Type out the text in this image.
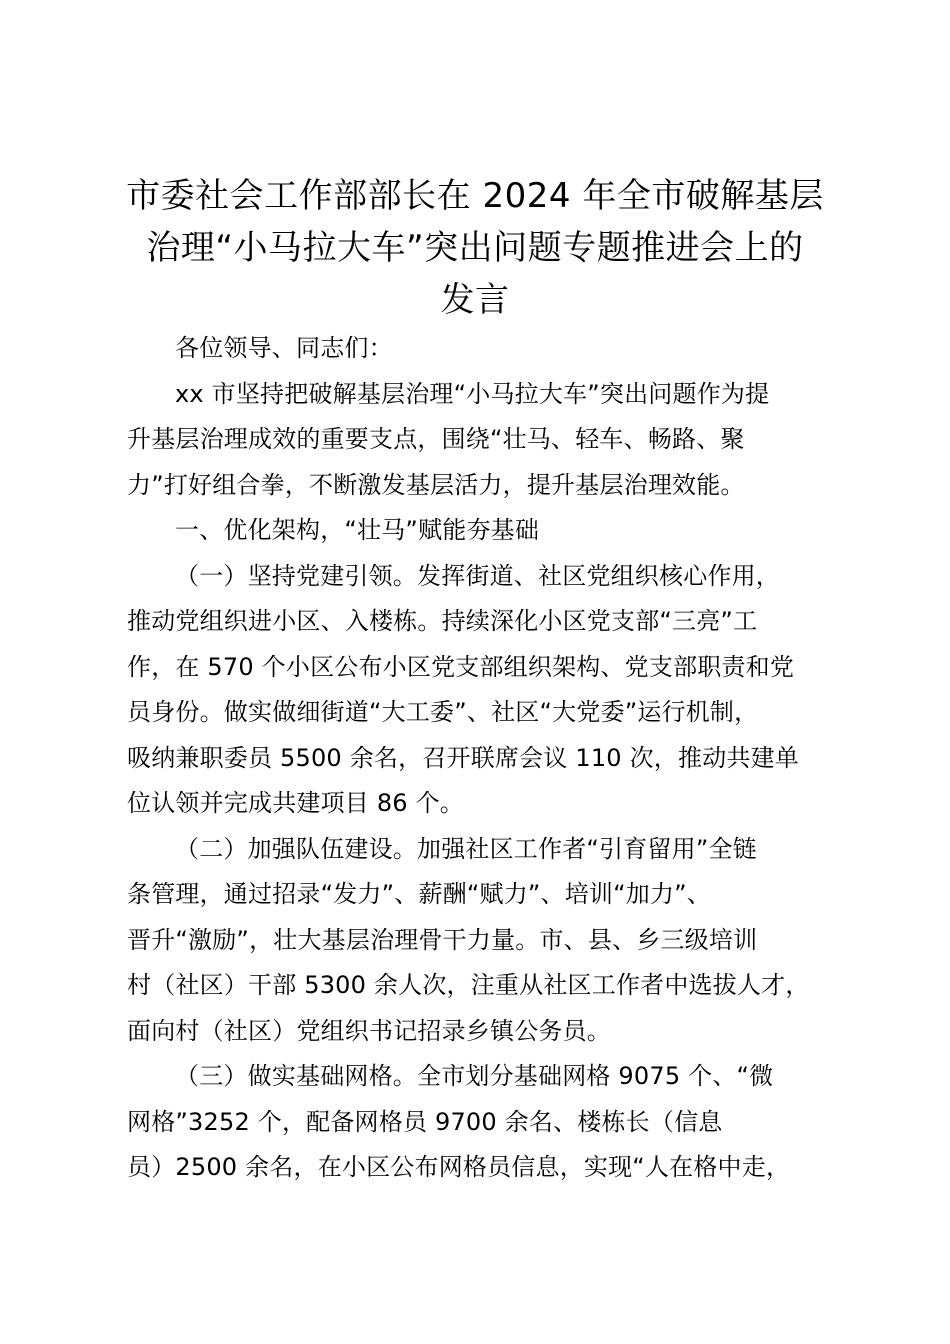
市委社会工作部部长在 2024 年全市破解基层
治理“小马拉大车”突出问题专题推进会上的
发言
各位领导、同志们：
xx 市坚持把破解基层治理“小马拉大车”突出问题作为提
升基层治理成效的重要支点，围绕“壮马、轻车、畅路、聚
力”打好组合拳，不断激发基层活力，提升基层治理效能。
一、优化架构，“壮马”赋能夯基础
（一）坚持党建引领。发挥街道、社区党组织核心作用，
推动党组织进小区、入楼栋。持续深化小区党支部“三亮”工
作，在 570 个小区公布小区党支部组织架构、党支部职责和党
员身份。做实做细街道“大工委”、社区“大党委”运行机制，
吸纳兼职委员 5500 余名，召开联席会议 110 次，推动共建单
位认领并完成共建项目 86 个。
（二）加强队伍建设。加强社区工作者“引育留用”全链
条管理，通过招录“发力”、薪酬“赋力”、培训“加力”、
晋升“激励”，壮大基层治理骨干力量。市、县、乡三级培训
村（社区）干部 5300 余人次，注重从社区工作者中选拔人才，
面向村（社区）党组织书记招录乡镇公务员。
（三）做实基础网格。全市划分基础网格 9075 个、“微
网格”3252 个，配备网格员 9700 余名、楼栋长（信息
员）2500 余名，在小区公布网格员信息，实现“人在格中走，
